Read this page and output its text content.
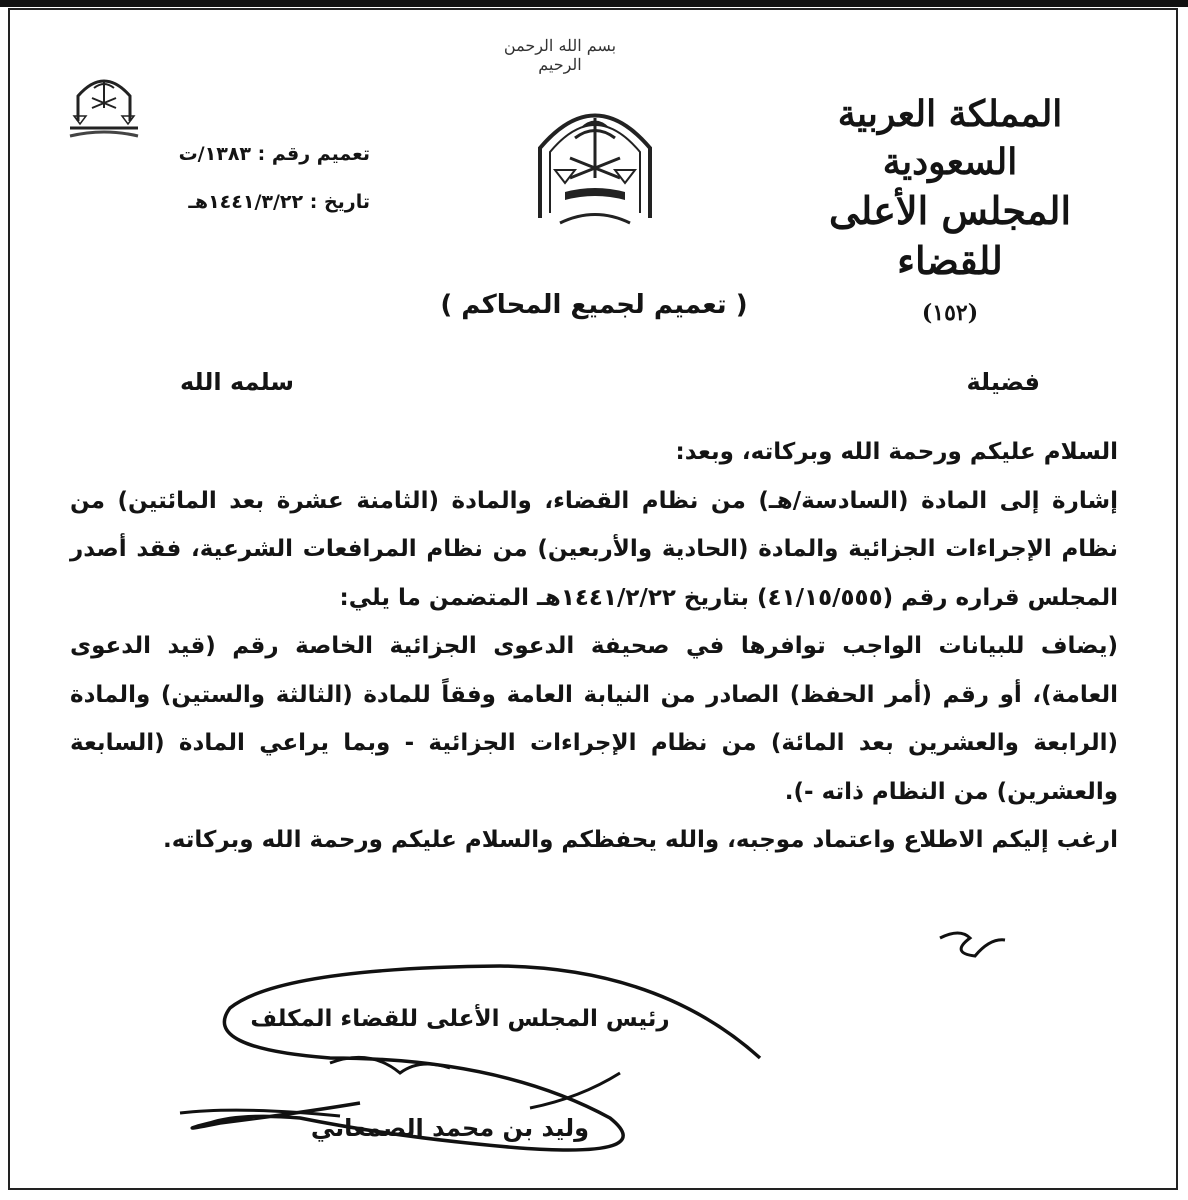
بسم الله الرحمن الرحيم
المملكة العربية السعودية
المجلس الأعلى للقضاء
(١٥٢)
تعميم رقم : ١٣٨٣/ت
تاريخ : ١٤٤١/٣/٢٢هـ
( تعميم لجميع المحاكم )
فضيلة
سلمه الله

السلام عليكم ورحمة الله وبركاته، وبعد:

إشارة إلى المادة (السادسة/هـ) من نظام القضاء، والمادة (الثامنة عشرة بعد المائتين) من نظام الإجراءات الجزائية والمادة (الحادية والأربعين) من نظام المرافعات الشرعية، فقد أصدر المجلس قراره رقم (٤١/١٥/٥٥٥) بتاريخ ١٤٤١/٢/٢٢هـ المتضمن ما يلي:

(يضاف للبيانات الواجب توافرها في صحيفة الدعوى الجزائية الخاصة رقم (قيد الدعوى العامة)، أو رقم (أمر الحفظ) الصادر من النيابة العامة وفقاً للمادة (الثالثة والستين) والمادة (الرابعة والعشرين بعد المائة) من نظام الإجراءات الجزائية - وبما يراعي المادة (السابعة والعشرين) من النظام ذاته -).

ارغب إليكم الاطلاع واعتماد موجبه، والله يحفظكم والسلام عليكم ورحمة الله وبركاته.

رئيس المجلس الأعلى للقضاء المكلف
وليد بن محمد الصمعاني
